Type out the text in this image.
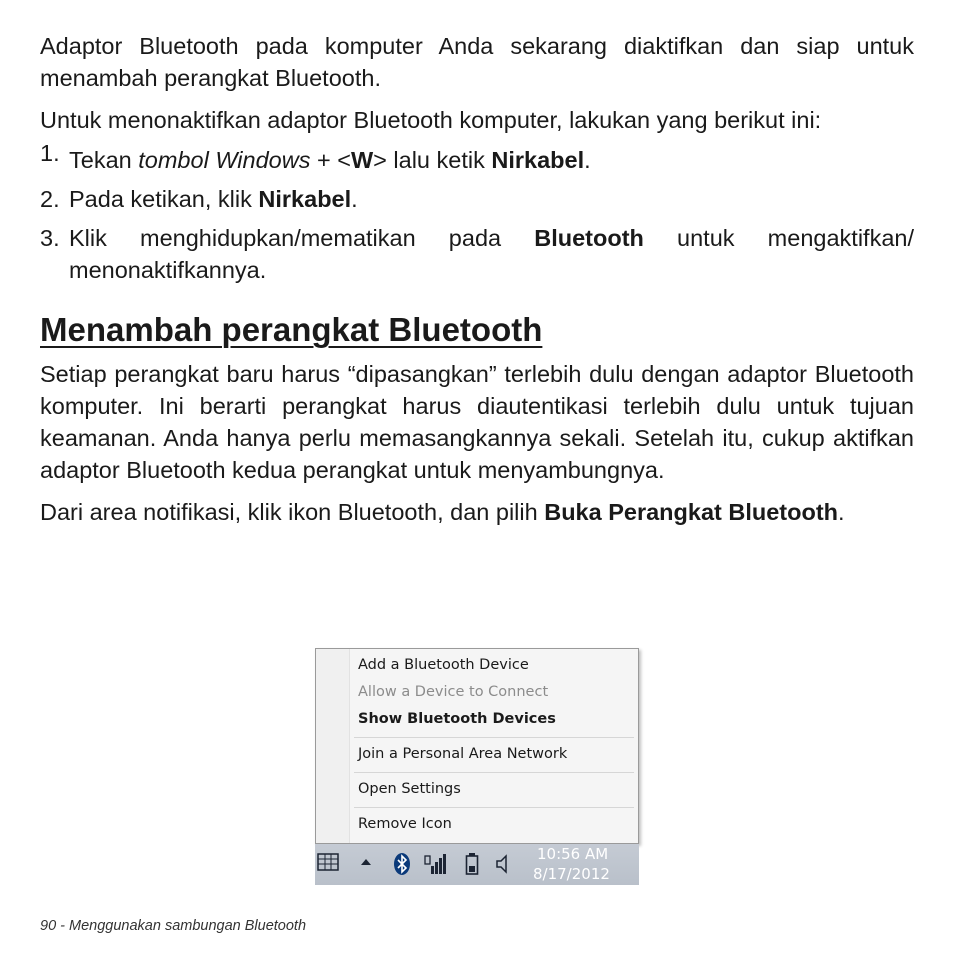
Adaptor Bluetooth pada komputer Anda sekarang diaktifkan dan siap untuk menambah perangkat Bluetooth.

Untuk menonaktifkan adaptor Bluetooth komputer, lakukan yang berikut ini:

1. Tekan tombol Windows + <W> lalu ketik Nirkabel.
2. Pada ketikan, klik Nirkabel.
3. Klik menghidupkan/mematikan pada Bluetooth untuk mengaktifkan/ menonaktifkannya.
Menambah perangkat Bluetooth

Setiap perangkat baru harus “dipasangkan” terlebih dulu dengan adaptor Bluetooth komputer. Ini berarti perangkat harus diautentikasi terlebih dulu untuk tujuan keamanan. Anda hanya perlu memasangkannya sekali. Setelah itu, cukup aktifkan adaptor Bluetooth kedua perangkat untuk menyambungnya.

Dari area notifikasi, klik ikon Bluetooth, dan pilih Buka Perangkat Bluetooth.

Add a Bluetooth Device
Allow a Device to Connect
Show Bluetooth Devices
Join a Personal Area Network
Open Settings
Remove Icon
10:56 AM
8/17/2012
90 - Menggunakan sambungan Bluetooth
